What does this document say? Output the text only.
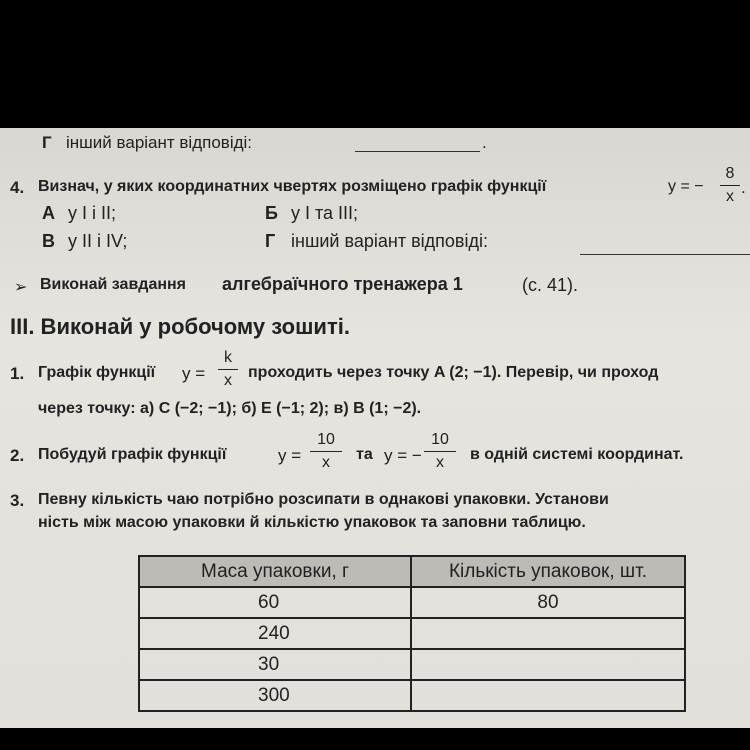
Г інший варіант відповіді:	.
4. Визнач, у яких координатних чвертях розміщено графік функції	y = −
8
x .
А у І і ІІ;	Б у І та ІІІ;
В у ІІ і IV;	Г інший варіант відповіді:
➢ Виконай завдання алгебраїчного тренажера 1	(с. 41).
ІІІ. Виконай у робочому зошиті.
1. Графік функції y =
k
x	проходить через точку A (2; −1). Перевір, чи проход
через точку: а) C (−2; −1); б) E (−1; 2); в) B (1; −2).
2. Побудуй графік функції	y =
10
x	та y = −
10
x	в одній системі координат.
3. Певну кількість чаю потрібно розсипати в однакові упаковки. Установи
ність між масою упаковки й кількістю упаковок та заповни таблицю.
Маса упаковки, г	Кількість упаковок, шт.
60	80
240	
30	
300	
